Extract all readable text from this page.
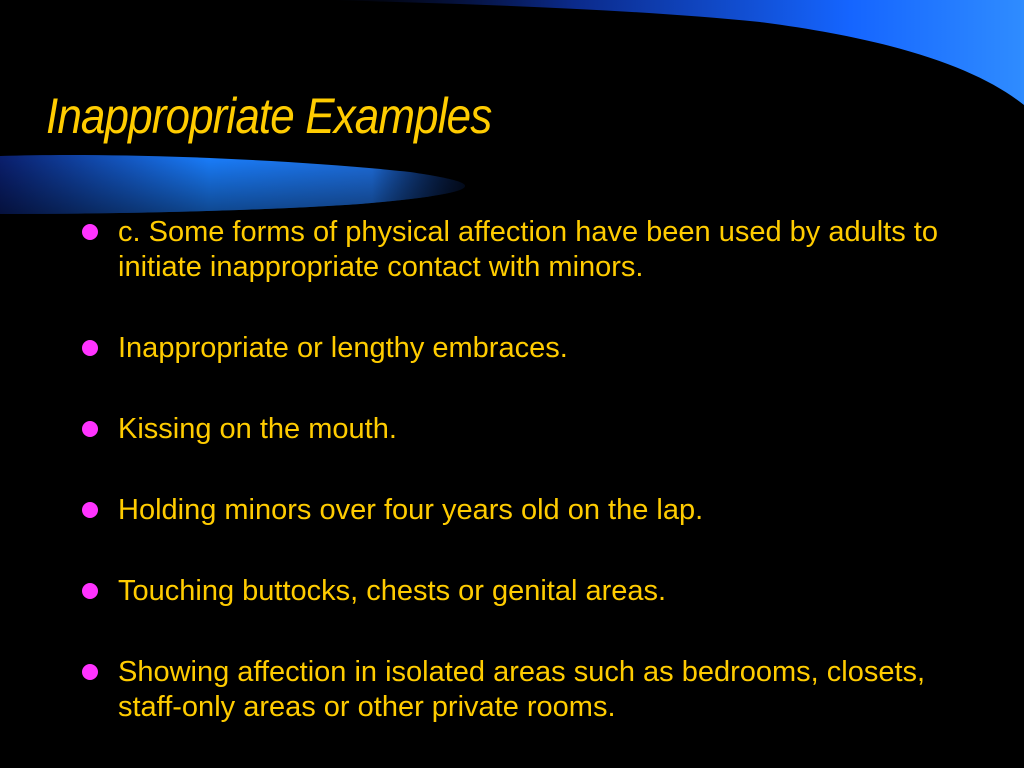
Inappropriate Examples
c. Some forms of physical affection have been used by adults to initiate inappropriate contact with minors.
Inappropriate or lengthy embraces.
Kissing on the mouth.
Holding minors over four years old on the lap.
Touching buttocks, chests or genital areas.
Showing affection in isolated areas such as bedrooms, closets, staff-only areas or other private rooms.
